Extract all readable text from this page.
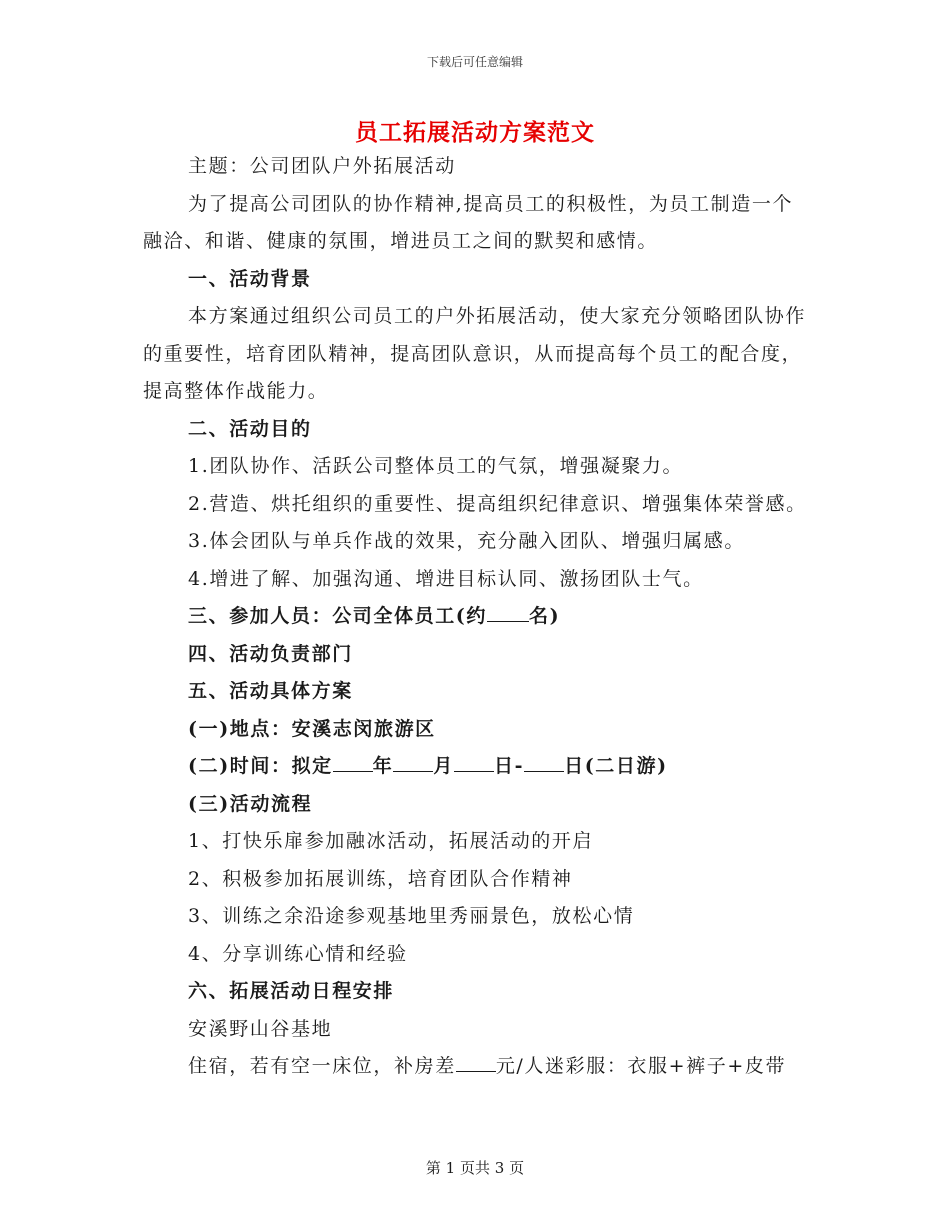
下载后可任意编辑
员工拓展活动方案范文

主题：公司团队户外拓展活动

为了提高公司团队的协作精神,提高员工的积极性，为员工制造一个融洽、和谐、健康的氛围，增进员工之间的默契和感情。

一、活动背景

本方案通过组织公司员工的户外拓展活动，使大家充分领略团队协作的重要性，培育团队精神，提高团队意识，从而提高每个员工的配合度，提高整体作战能力。

二、活动目的

1.团队协作、活跃公司整体员工的气氛，增强凝聚力。

2.营造、烘托组织的重要性、提高组织纪律意识、增强集体荣誉感。

3.体会团队与单兵作战的效果，充分融入团队、增强归属感。

4.增进了解、加强沟通、增进目标认同、激扬团队士气。

三、参加人员：公司全体员工(约 名)

四、活动负责部门

五、活动具体方案

(一)地点：安溪志闵旅游区

(二)时间：拟定 年 月 日- 日(二日游)

(三)活动流程

1、打快乐扉参加融冰活动，拓展活动的开启

2、积极参加拓展训练，培育团队合作精神

3、训练之余沿途参观基地里秀丽景色，放松心情

4、分享训练心情和经验

六、拓展活动日程安排

安溪野山谷基地

住宿，若有空一床位，补房差 元/人迷彩服：衣服+裤子+皮带

第 1 页共 3 页
